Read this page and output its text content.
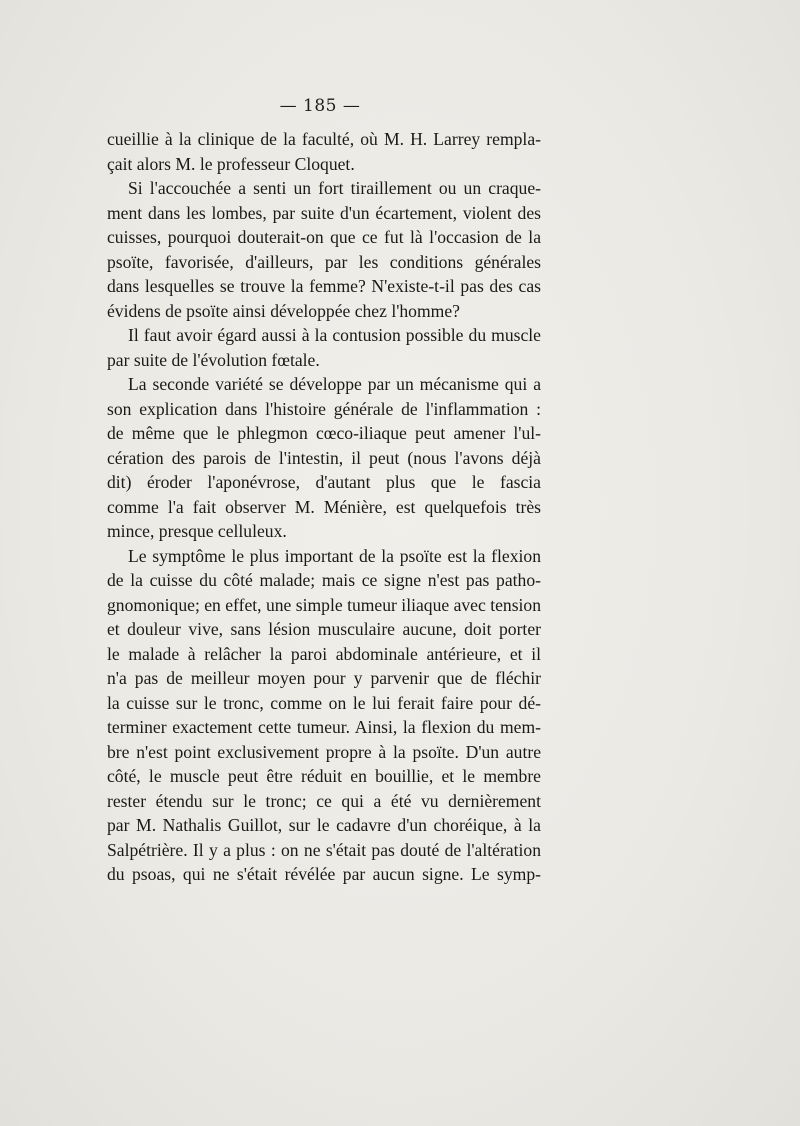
— 185 —
cueillie à la clinique de la faculté, où M. H. Larrey rempla-
çait alors M. le professeur Cloquet.
Si l'accouchée a senti un fort tiraillement ou un craque-
ment dans les lombes, par suite d'un écartement, violent des
cuisses, pourquoi douterait-on que ce fut là l'occasion de la
psoïte, favorisée, d'ailleurs, par les conditions générales
dans lesquelles se trouve la femme? N'existe-t-il pas des cas
évidens de psoïte ainsi développée chez l'homme?
Il faut avoir égard aussi à la contusion possible du muscle
par suite de l'évolution fœtale.
La seconde variété se développe par un mécanisme qui a
son explication dans l'histoire générale de l'inflammation :
de même que le phlegmon cœco-iliaque peut amener l'ul-
cération des parois de l'intestin, il peut (nous l'avons déjà
dit) éroder l'aponévrose, d'autant plus que le fascia
comme l'a fait observer M. Ménière, est quelquefois très
mince, presque celluleux.
Le symptôme le plus important de la psoïte est la flexion
de la cuisse du côté malade; mais ce signe n'est pas patho-
gnomonique; en effet, une simple tumeur iliaque avec tension
et douleur vive, sans lésion musculaire aucune, doit porter
le malade à relâcher la paroi abdominale antérieure, et il
n'a pas de meilleur moyen pour y parvenir que de fléchir
la cuisse sur le tronc, comme on le lui ferait faire pour dé-
terminer exactement cette tumeur. Ainsi, la flexion du mem-
bre n'est point exclusivement propre à la psoïte. D'un autre
côté, le muscle peut être réduit en bouillie, et le membre
rester étendu sur le tronc; ce qui a été vu dernièrement
par M. Nathalis Guillot, sur le cadavre d'un choréique, à la
Salpétrière. Il y a plus : on ne s'était pas douté de l'altération
du psoas, qui ne s'était révélée par aucun signe. Le symp-
